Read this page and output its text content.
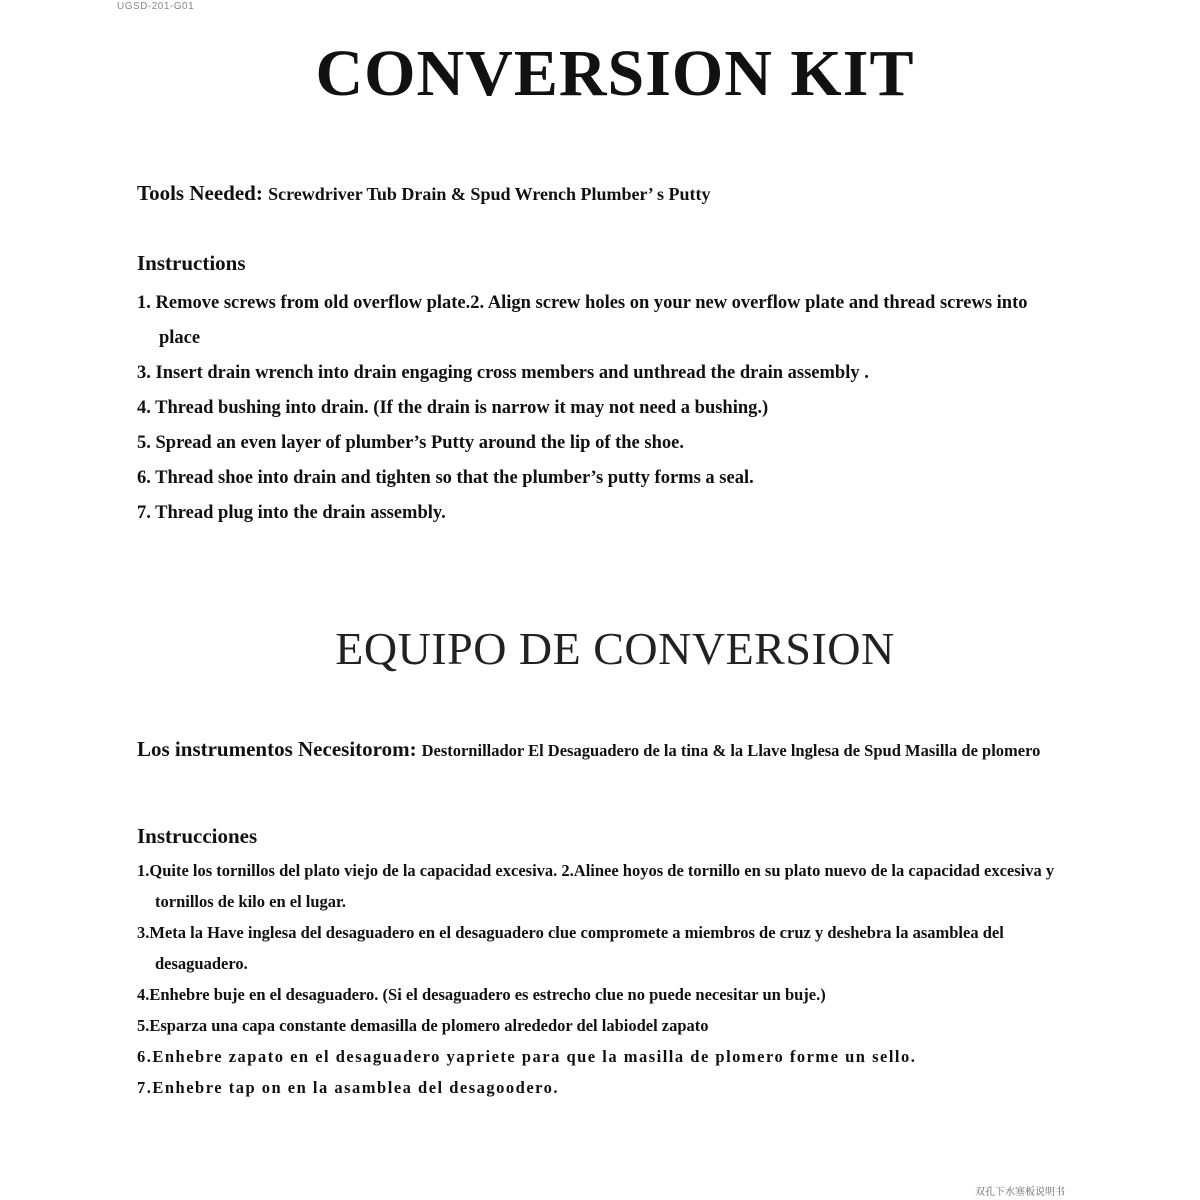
UGSD-201-G01
CONVERSION KIT
Tools Needed: Screwdriver Tub Drain & Spud Wrench Plumber’ s Putty
Instructions
1. Remove screws from old overflow plate.2. Align screw holes on your new overflow plate and thread screws into place
3. Insert drain wrench into drain engaging cross members and unthread the drain assembly .
4. Thread bushing into drain. (If the drain is narrow it may not need a bushing.)
5. Spread an even layer of plumber’s Putty around the lip of the shoe.
6. Thread shoe into drain and tighten so that the plumber’s putty forms a seal.
7. Thread plug into the drain assembly.
EQUIPO DE CONVERSION
Los instrumentos Necesitorom: Destornillador El Desaguadero de la tina & la Llave lnglesa de Spud Masilla de plomero
Instrucciones
1.Quite los tornillos del plato viejo de la capacidad excesiva. 2.Alinee hoyos de tornillo en su plato nuevo de la capacidad excesiva y tornillos de kilo en el lugar.
3.Meta la Have inglesa del desaguadero en el desaguadero clue compromete a miembros de cruz y deshebra la asamblea del desaguadero.
4.Enhebre buje en el desaguadero. (Si el desaguadero es estrecho clue no puede necesitar un buje.)
5.Esparza una capa constante demasilla de plomero alrededor del labiodel zapato
6.Enhebre zapato en el desaguadero yapriete para que la masilla de plomero forme un sello.
7.Enhebre tap on en la asamblea del desagoodero.
双孔下水塞板说明书
